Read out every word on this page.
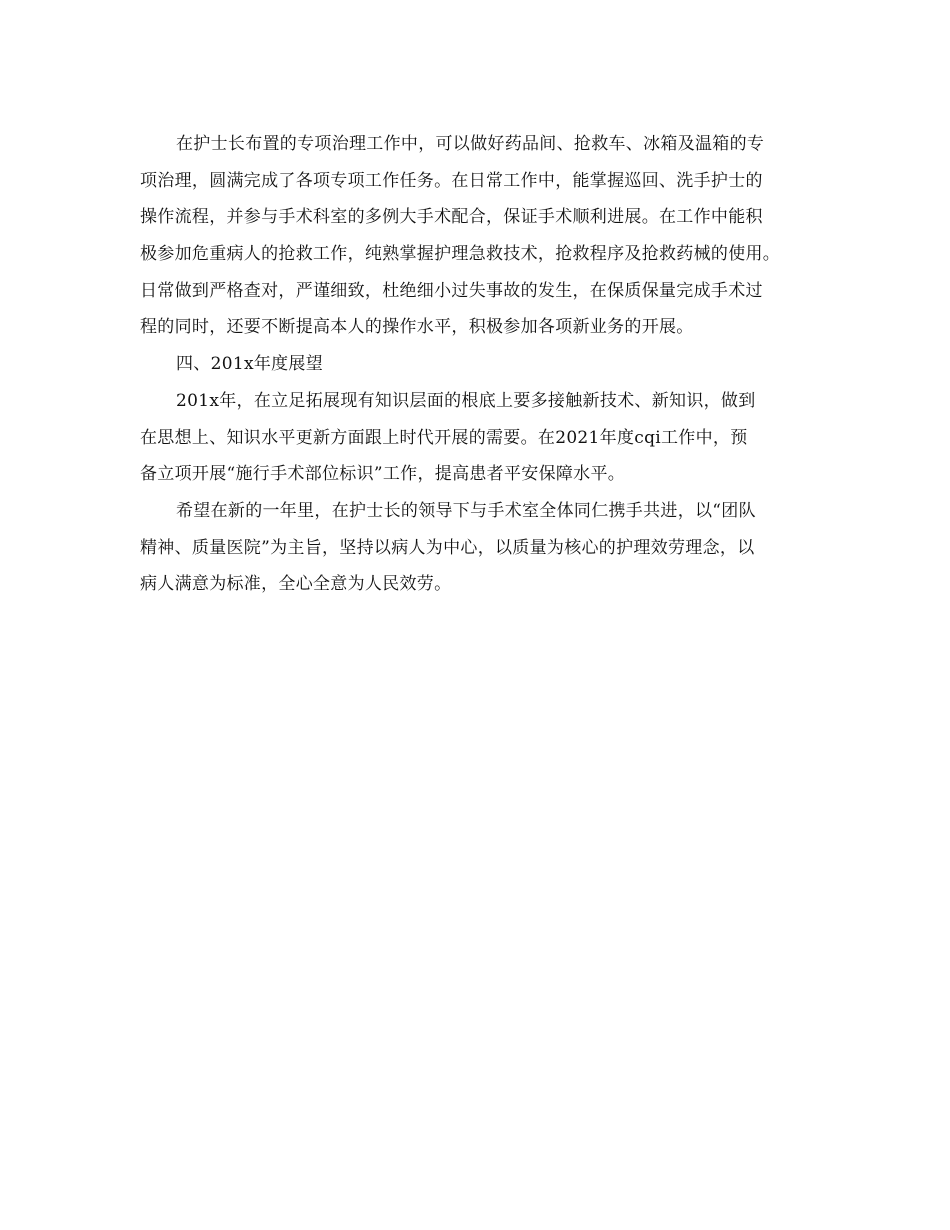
在护士长布置的专项治理工作中，可以做好药品间、抢救车、冰箱及温箱的专
项治理，圆满完成了各项专项工作任务。在日常工作中，能掌握巡回、洗手护士的
操作流程，并参与手术科室的多例大手术配合，保证手术顺利进展。在工作中能积
极参加危重病人的抢救工作，纯熟掌握护理急救技术，抢救程序及抢救药械的使用。
日常做到严格查对，严谨细致，杜绝细小过失事故的发生，在保质保量完成手术过
程的同时，还要不断提高本人的操作水平，积极参加各项新业务的开展。
四、201x年度展望
201x年，在立足拓展现有知识层面的根底上要多接触新技术、新知识，做到
在思想上、知识水平更新方面跟上时代开展的需要。在2021年度cqi工作中，预
备立项开展“施行手术部位标识”工作，提高患者平安保障水平。
希望在新的一年里，在护士长的领导下与手术室全体同仁携手共进，以“团队
精神、质量医院”为主旨，坚持以病人为中心，以质量为核心的护理效劳理念，以
病人满意为标准，全心全意为人民效劳。
